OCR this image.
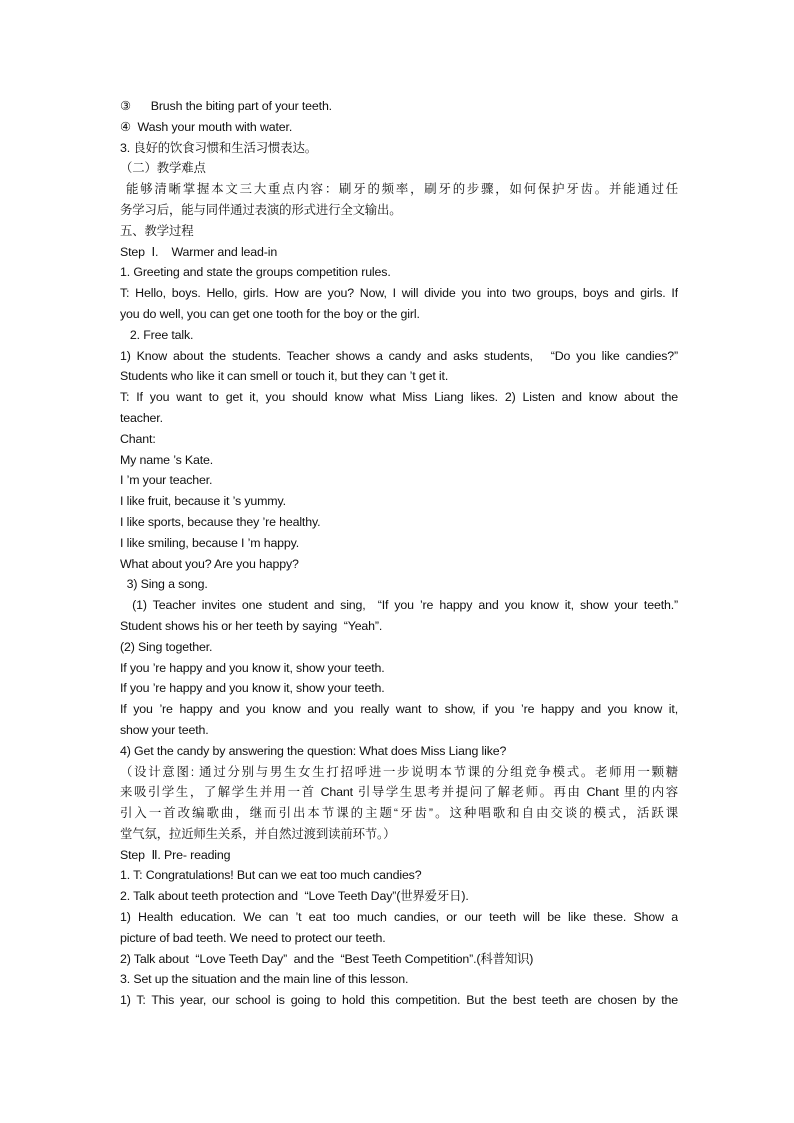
③      Brush the biting part of your teeth.
④  Wash your mouth with water.
3. 良好的饮食习惯和生活习惯表达。
（二）教学难点
能够清晰掌握本文三大重点内容：刷牙的频率，刷牙的步骤，如何保护牙齿。并能通过任
务学习后，能与同伴通过表演的形式进行全文输出。
五、教学过程
Step  Ⅰ.    Warmer and lead-in
1. Greeting and state the groups competition rules.
T: Hello, boys. Hello, girls. How are you? Now, I will divide you into two groups, boys and girls. If
you do well, you can get one tooth for the boy or the girl.
2. Free talk.
1) Know about the students. Teacher shows a candy and asks students,   “Do you like candies?”
Students who like it can smell or touch it, but they can ’t get it.
T: If you want to get it, you should know what Miss Liang likes. 2) Listen and know about the
teacher.
Chant:
My name ’s Kate.
I ’m your teacher.
I like fruit, because it ’s yummy.
I like sports, because they ’re healthy.
I like smiling, because I ’m happy.
What about you? Are you happy?
3) Sing a song.
(1) Teacher invites one student and sing,  “If you ’re happy and you know it, show your teeth.”
Student shows his or her teeth by saying  “Yeah”.
(2) Sing together.
If you ’re happy and you know it, show your teeth.
If you ’re happy and you know it, show your teeth.
If you ’re happy and you know and you really want to show, if you ’re happy and you know it,
show your teeth.
4) Get the candy by answering the question: What does Miss Liang like?
（设计意图: 通过分别与男生女生打招呼进一步说明本节课的分组竞争模式。老师用一颗糖
来吸引学生，了解学生并用一首 Chant 引导学生思考并提问了解老师。再由 Chant 里的内容
引入一首改编歌曲，继而引出本节课的主题“牙齿”。这种唱歌和自由交谈的模式，活跃课
堂气氛，拉近师生关系，并自然过渡到读前环节。）
Step  Ⅱ. Pre- reading
1. T: Congratulations! But can we eat too much candies?
2. Talk about teeth protection and  “Love Teeth Day”(世界爱牙日).
1) Health education. We can ’t eat too much candies, or our teeth will be like these. Show a
picture of bad teeth. We need to protect our teeth.
2) Talk about  “Love Teeth Day”  and the  “Best Teeth Competition”.(科普知识)
3. Set up the situation and the main line of this lesson.
1) T: This year, our school is going to hold this competition. But the best teeth are chosen by the
